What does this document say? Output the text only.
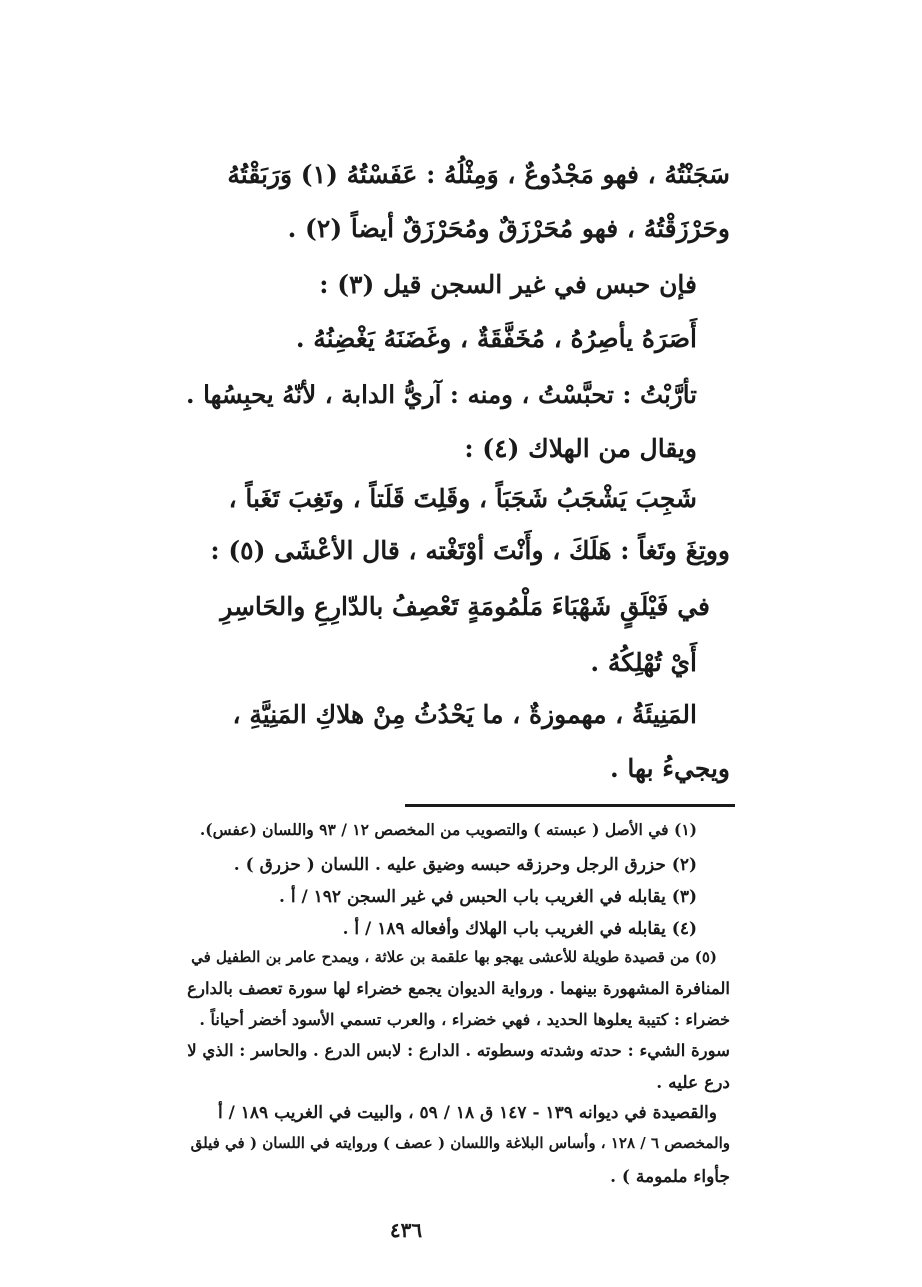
سَجَنْتُهُ ، فهو مَجْدُوعٌ ، وَمِثْلُهُ : عَفَسْتُهُ (١) وَرَبَقْتُهُ
وحَرْزَقْتُهُ ، فهو مُحَرْزَقٌ ومُحَرْزَقٌ أيضاً (٢) .
فإن حبس في غير السجن قيل (٣) :
أَصَرَهُ يأصِرُهُ ، مُخَفَّقَةٌ ، وغَضَنَهُ يَغْضِنُهُ .
تأرَّبْتُ : تحبَّسْتُ ، ومنه : آريُّ الدابة ، لأنّهُ يحبِسُها .
ويقال من الهلاك (٤) :
شَجِبَ يَشْجَبُ شَجَبَاً ، وقَلِتَ قَلَتاً ، وتَغِبَ تَغَباً ،
ووتِغَ وتَغاً : هَلَكَ ، وأَنْتَ أوْتَغْته ، قال الأعْشَى (٥) :
في فَيْلَقٍ شَهْبَاءَ مَلْمُومَةٍ تَعْصِفُ بالدّارِعِ والحَاسِرِ
أَيْ تُهْلِكُهُ .
المَنِيئَةُ ، مهموزةٌ ، ما يَحْدُثُ مِنْ هلاكِ المَنِيَّةِ ،
ويجيءُ بها .
(١) في الأصل ( عبسته ) والتصويب من المخصص ١٢ / ٩٣ واللسان (عفس).
(٢) حزرق الرجل وحرزقه حبسه وضيق عليه . اللسان ( حزرق ) .
(٣) يقابله في الغريب باب الحبس في غير السجن ١٩٢ / أ .
(٤) يقابله في الغريب باب الهلاك وأفعاله ١٨٩ / أ .
(٥) من قصيدة طويلة للأعشى يهجو بها علقمة بن علاثة ، ويمدح عامر بن الطفيل في
المنافرة المشهورة بينهما . ورواية الديوان يجمع خضراء لها سورة تعصف بالدارع
خضراء : كتيبة يعلوها الحديد ، فهي خضراء ، والعرب تسمي الأسود أخضر أحياناً .
سورة الشيء : حدته وشدته وسطوته . الدارع : لابس الدرع . والحاسر : الذي لا
درع عليه .
والقصيدة في ديوانه ١٣٩ - ١٤٧ ق ١٨ / ٥٩ ، والبيت في الغريب ١٨٩ / أ
والمخصص ٦ / ١٢٨ ، وأساس البلاغة واللسان ( عصف ) وروايته في اللسان ( في فيلق
جأواء ملمومة ) .
٤٣٦
